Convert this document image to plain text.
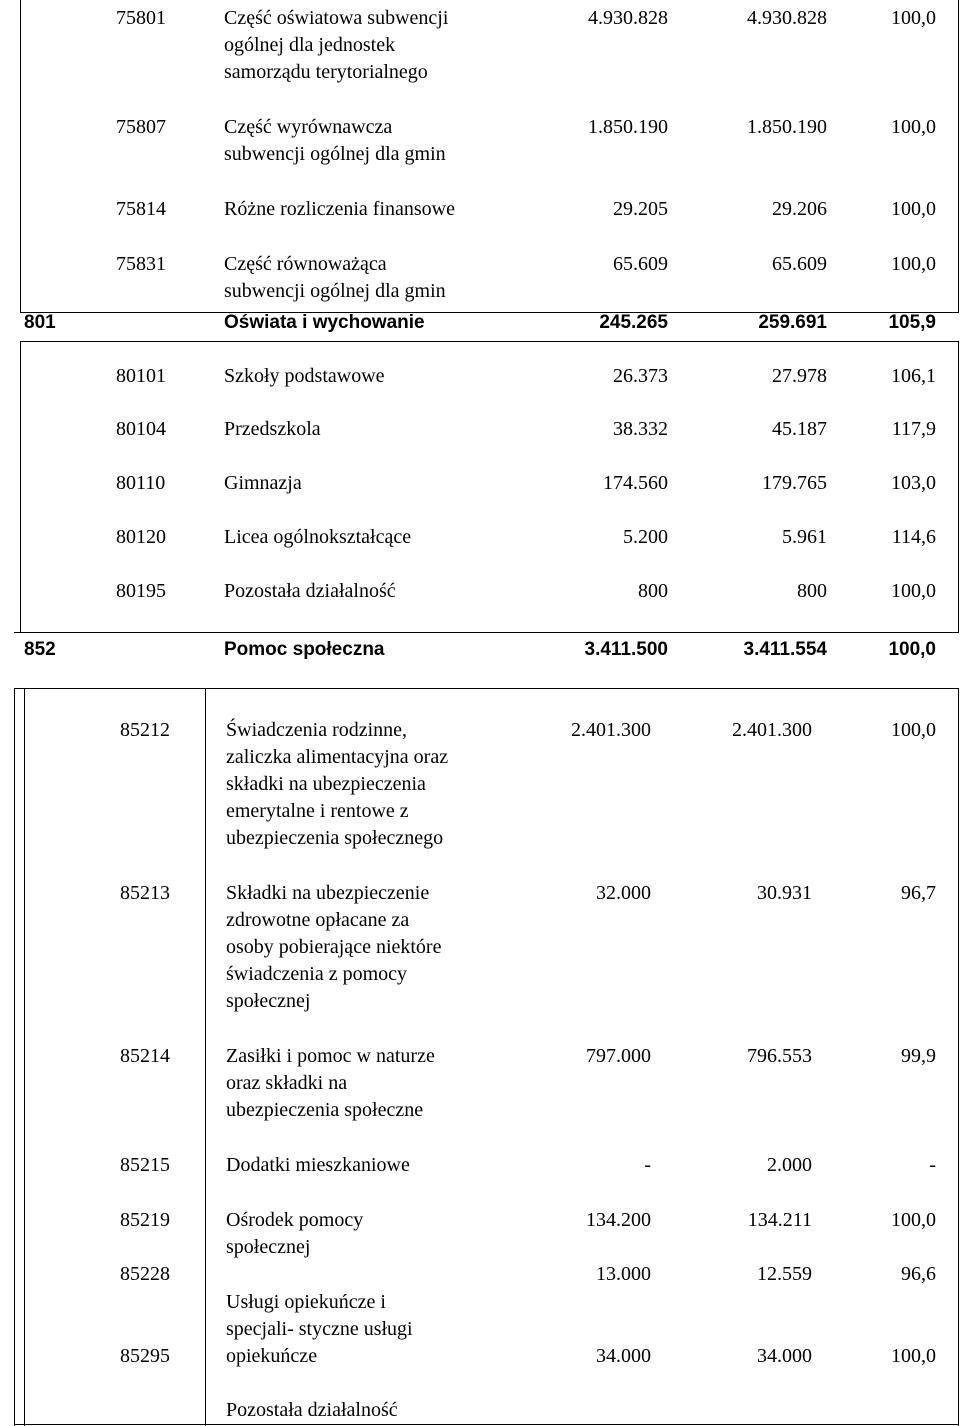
75801	Część oświatowa subwencji
ogólnej dla jednostek
samorządu terytorialnego
4.930.828	4.930.828	100,0
75807	Część wyrównawcza
subwencji ogólnej dla gmin
1.850.190	1.850.190	100,0
75814	Różne rozliczenia finansowe	29.205	29.206	100,0
75831	Część równoważąca
subwencji ogólnej dla gmin
65.609	65.609	100,0
801	Oświata i wychowanie	245.265	259.691	105,9
80101	Szkoły podstawowe	26.373	27.978	106,1
80104	Przedszkola	38.332	45.187	117,9
80110	Gimnazja	174.560	179.765	103,0
80120	Licea ogólnokształcące	5.200	5.961	114,6
80195	Pozostała działalność	800	800	100,0
852	Pomoc społeczna	3.411.500	3.411.554	100,0
85212	Świadczenia rodzinne,
zaliczka alimentacyjna oraz
składki na ubezpieczenia
emerytalne i rentowe z
ubezpieczenia społecznego
2.401.300	2.401.300	100,0
85213	Składki na ubezpieczenie
zdrowotne opłacane za
osoby pobierające niektóre
świadczenia z pomocy
społecznej
32.000	30.931	96,7
85214	Zasiłki i pomoc w naturze
oraz składki na
ubezpieczenia społeczne
797.000	796.553	99,9
85215	Dodatki mieszkaniowe	-	2.000	-
85219	Ośrodek pomocy
społecznej
134.200	134.211	100,0
85228
Usługi opiekuńcze i
specjali- styczne usługi
opiekuńcze
13.000	12.559	96,6
85295
Pozostała działalność
34.000	34.000	100,0
